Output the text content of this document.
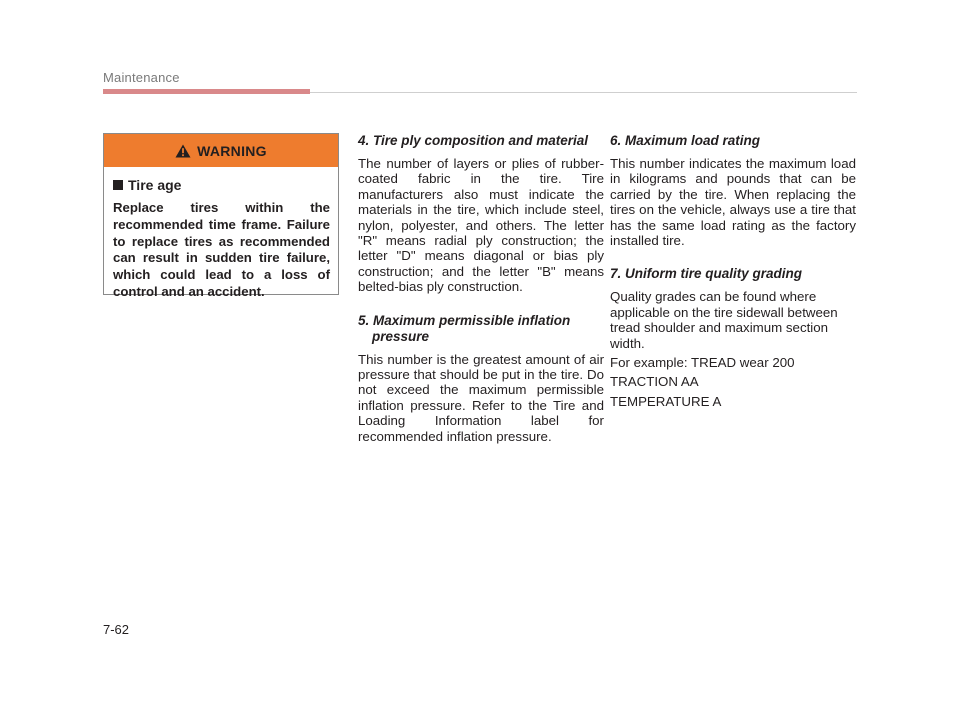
Maintenance
WARNING
Tire age
Replace tires within the recommended time frame. Failure to replace tires as recommended can result in sudden tire failure, which could lead to a loss of control and an accident.
4. Tire ply composition and material

The number of layers or plies of rubber-coated fabric in the tire. Tire manufacturers also must indicate the materials in the tire, which include steel, nylon, polyester, and others. The letter "R" means radial ply construction; the letter "D" means diagonal or bias ply construction; and the letter "B" means belted-bias ply construction.

5. Maximum permissible inflation pressure

This number is the greatest amount of air pressure that should be put in the tire. Do not exceed the maximum permissible inflation pressure. Refer to the Tire and Loading Information label for recommended inflation pressure.

6. Maximum load rating

This number indicates the maximum load in kilograms and pounds that can be carried by the tire. When replacing the tires on the vehicle, always use a tire that has the same load rating as the factory installed tire.

7. Uniform tire quality grading

Quality grades can be found where applicable on the tire sidewall between tread shoulder and maximum section width.

For example: TREAD wear 200

TRACTION AA

TEMPERATURE A

7-62
